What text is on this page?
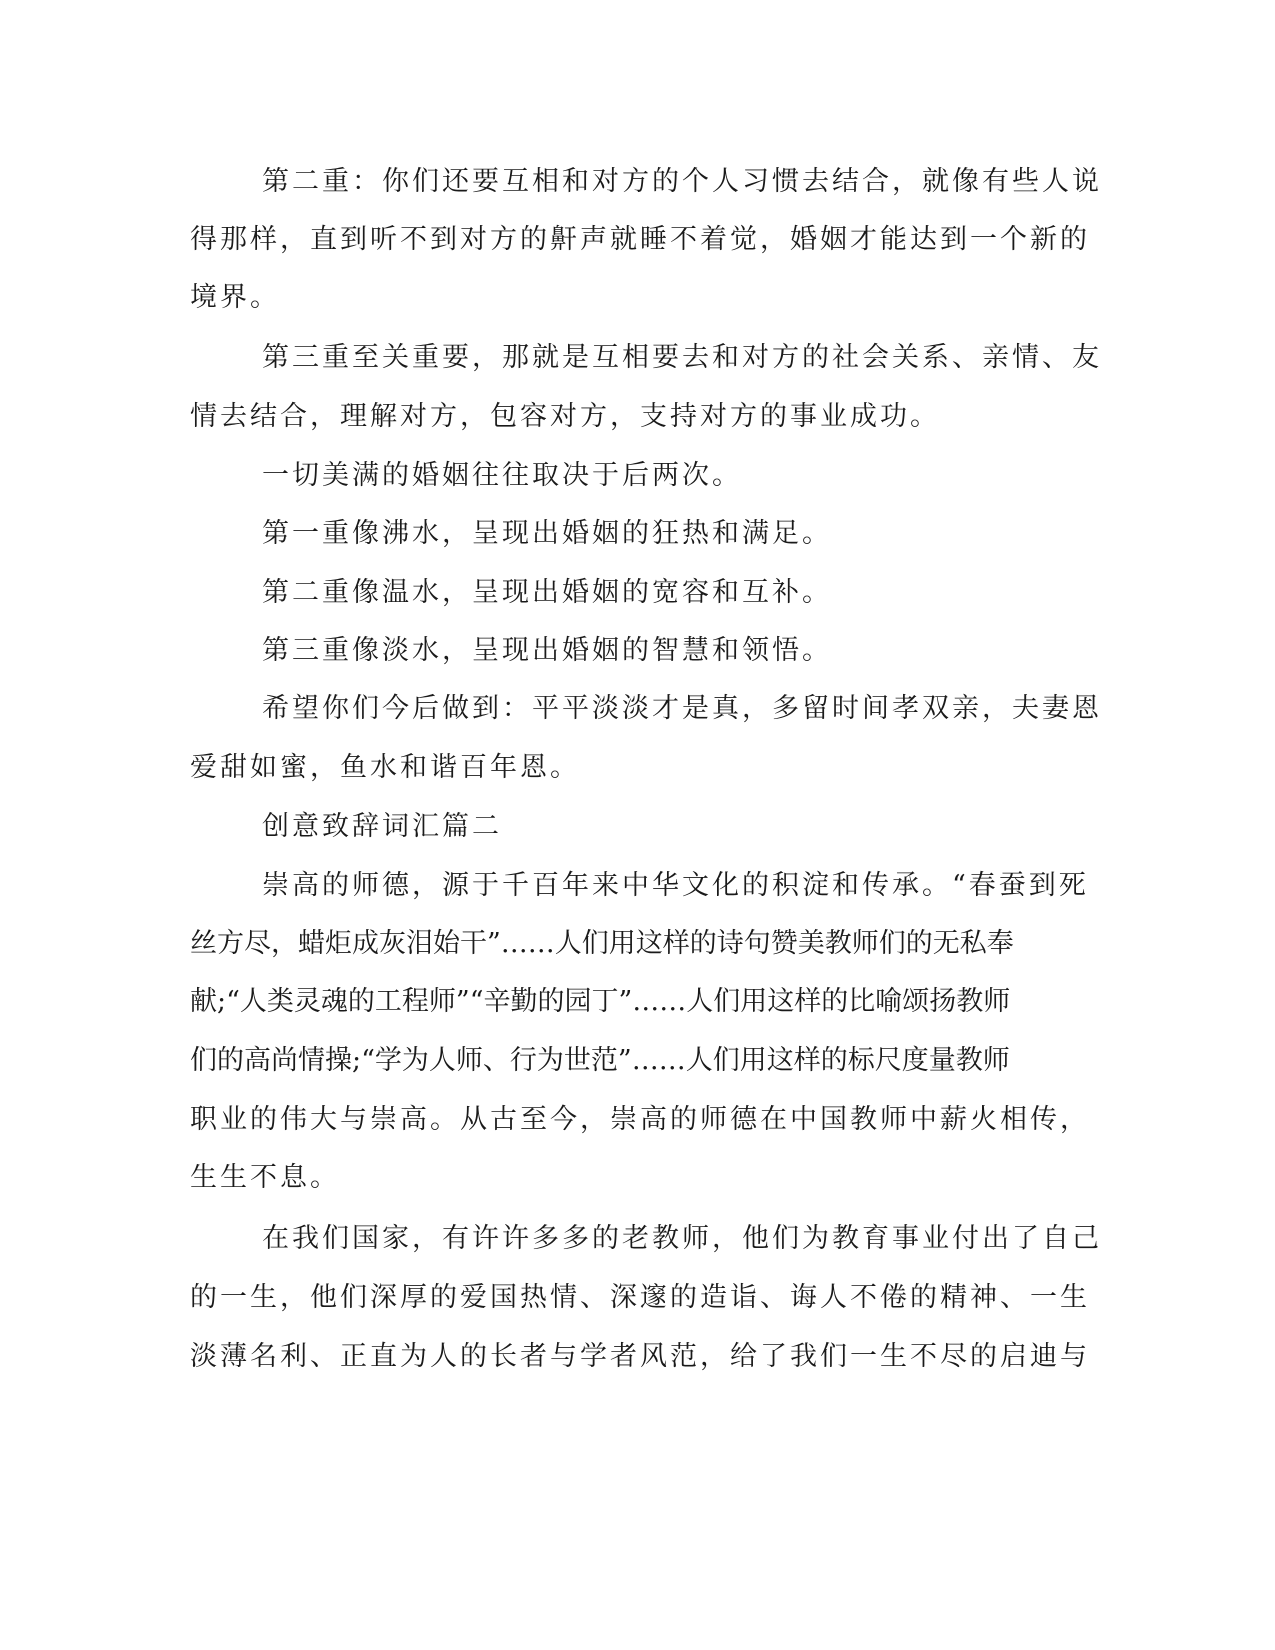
第二重：你们还要互相和对方的个人习惯去结合，就像有些人说
得那样，直到听不到对方的鼾声就睡不着觉，婚姻才能达到一个新的
境界。
第三重至关重要，那就是互相要去和对方的社会关系、亲情、友
情去结合，理解对方，包容对方，支持对方的事业成功。
一切美满的婚姻往往取决于后两次。
第一重像沸水，呈现出婚姻的狂热和满足。
第二重像温水，呈现出婚姻的宽容和互补。
第三重像淡水，呈现出婚姻的智慧和领悟。
希望你们今后做到：平平淡淡才是真，多留时间孝双亲，夫妻恩
爱甜如蜜，鱼水和谐百年恩。
创意致辞词汇篇二
崇高的师德，源于千百年来中华文化的积淀和传承。“春蚕到死
丝方尽，蜡炬成灰泪始干”……人们用这样的诗句赞美教师们的无私奉
献;“人类灵魂的工程师”“辛勤的园丁”……人们用这样的比喻颂扬教师
们的高尚情操;“学为人师、行为世范”……人们用这样的标尺度量教师
职业的伟大与崇高。从古至今，崇高的师德在中国教师中薪火相传，
生生不息。
在我们国家，有许许多多的老教师，他们为教育事业付出了自己
的一生，他们深厚的爱国热情、深邃的造诣、诲人不倦的精神、一生
淡薄名利、正直为人的长者与学者风范，给了我们一生不尽的启迪与
